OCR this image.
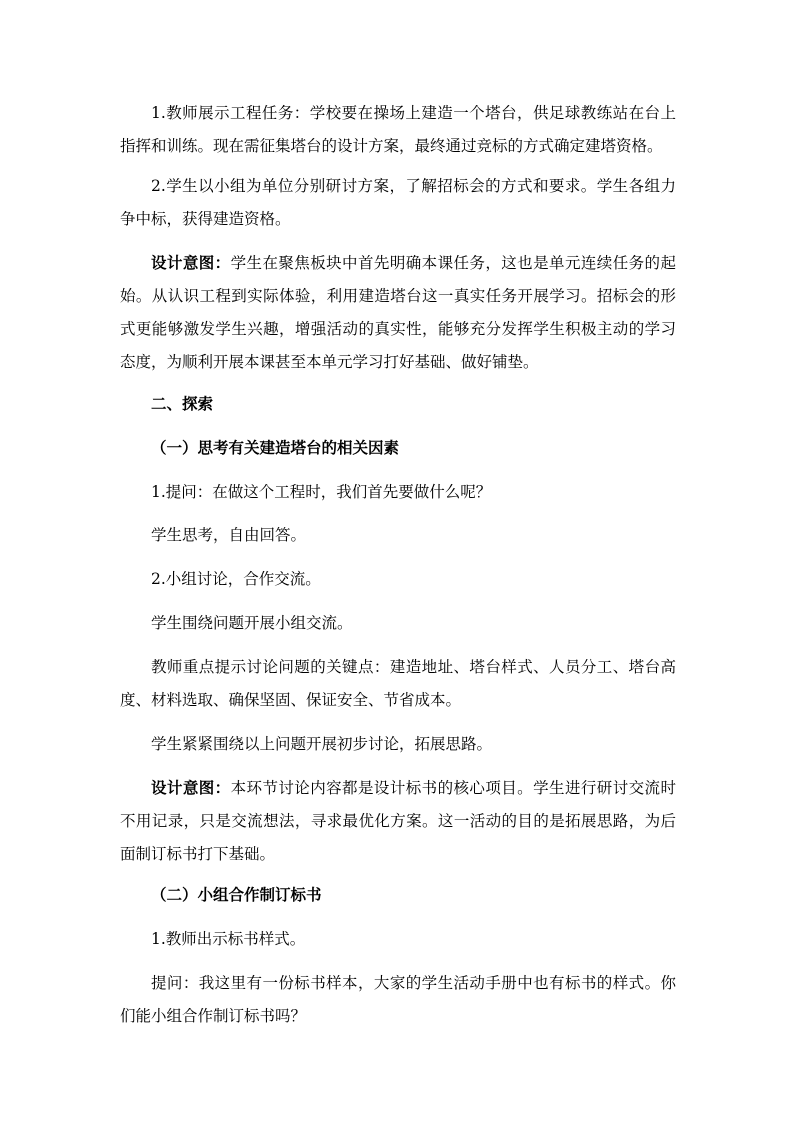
1.教师展示工程任务：学校要在操场上建造一个塔台，供足球教练站在台上指挥和训练。现在需征集塔台的设计方案，最终通过竞标的方式确定建塔资格。

2.学生以小组为单位分别研讨方案，了解招标会的方式和要求。学生各组力争中标，获得建造资格。

设计意图：学生在聚焦板块中首先明确本课任务，这也是单元连续任务的起始。从认识工程到实际体验，利用建造塔台这一真实任务开展学习。招标会的形式更能够激发学生兴趣，增强活动的真实性，能够充分发挥学生积极主动的学习态度，为顺利开展本课甚至本单元学习打好基础、做好铺垫。

二、探索

（一）思考有关建造塔台的相关因素

1.提问：在做这个工程时，我们首先要做什么呢？

学生思考，自由回答。

2.小组讨论，合作交流。

学生围绕问题开展小组交流。

教师重点提示讨论问题的关键点：建造地址、塔台样式、人员分工、塔台高度、材料选取、确保坚固、保证安全、节省成本。

学生紧紧围绕以上问题开展初步讨论，拓展思路。

设计意图：本环节讨论内容都是设计标书的核心项目。学生进行研讨交流时不用记录，只是交流想法，寻求最优化方案。这一活动的目的是拓展思路，为后面制订标书打下基础。

（二）小组合作制订标书

1.教师出示标书样式。

提问：我这里有一份标书样本，大家的学生活动手册中也有标书的样式。你们能小组合作制订标书吗？
